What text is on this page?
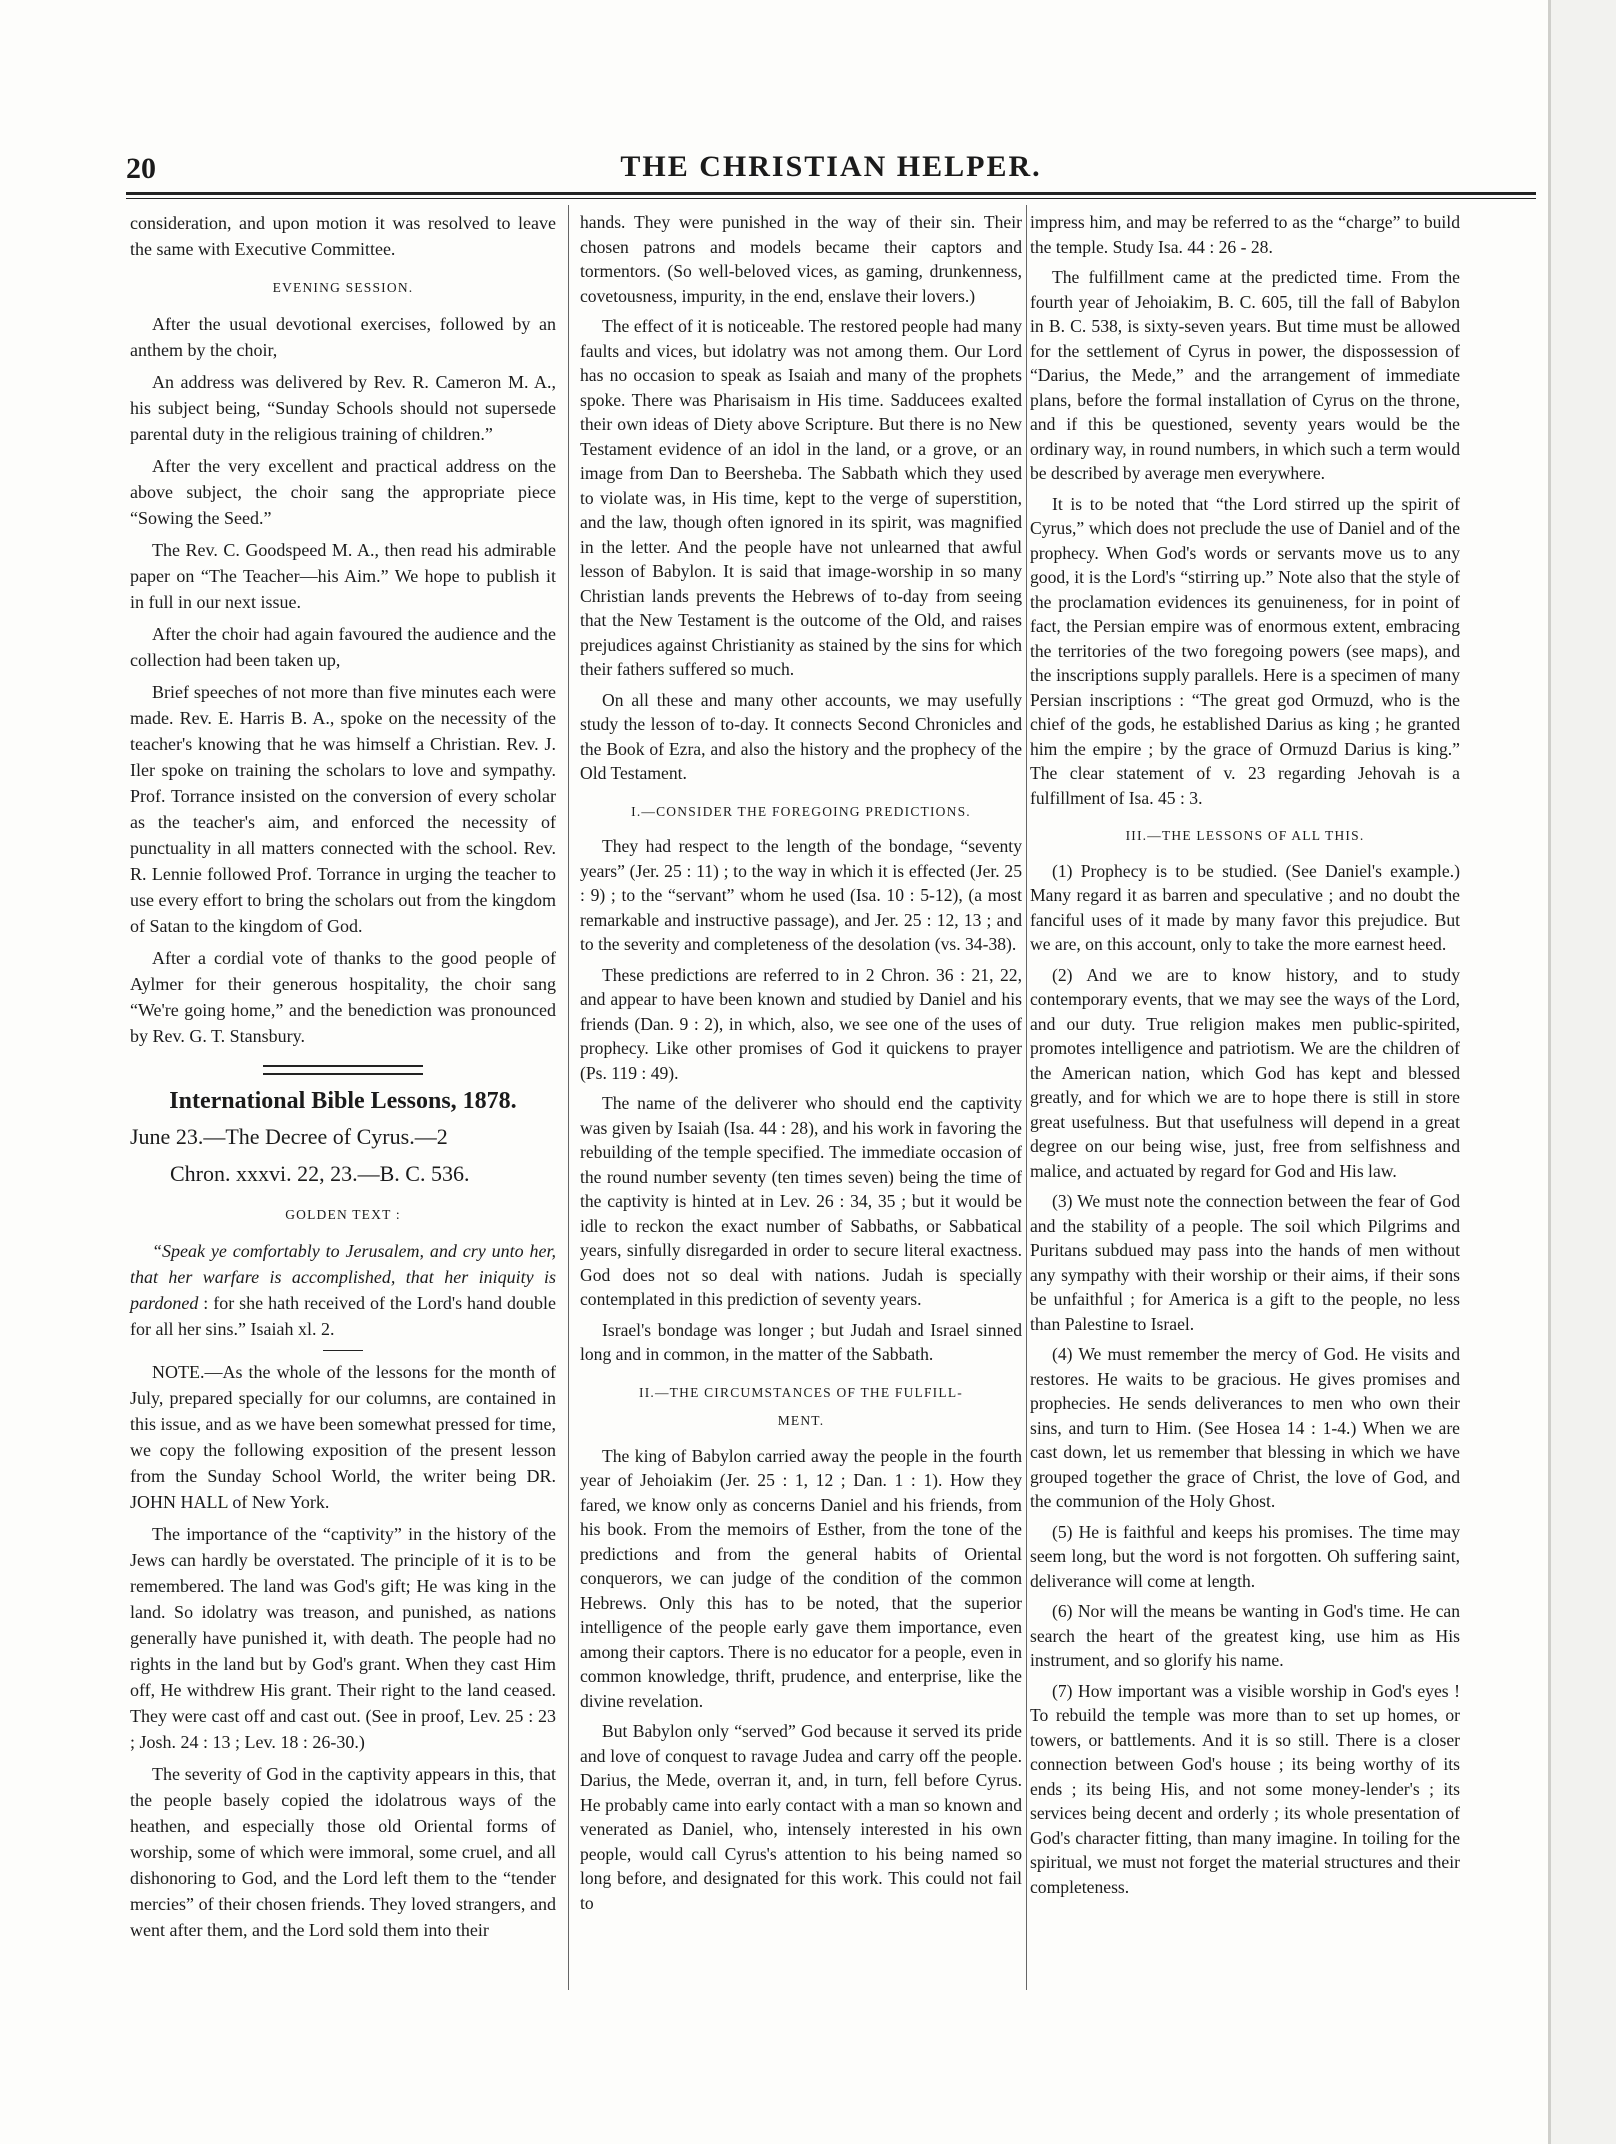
20	THE CHRISTIAN HELPER.

consideration, and upon motion it was resolved to leave the same with Executive Committee.

EVENING SESSION.

After the usual devotional exercises, followed by an anthem by the choir,

An address was delivered by Rev. R. Cameron M. A., his subject being, “Sunday Schools should not supersede parental duty in the religious training of children.”

After the very excellent and practical address on the above subject, the choir sang the appropriate piece “Sowing the Seed.”

The Rev. C. Goodspeed M. A., then read his admirable paper on “The Teacher—his Aim.” We hope to publish it in full in our next issue.

After the choir had again favoured the audience and the collection had been taken up,

Brief speeches of not more than five minutes each were made. Rev. E. Harris B. A., spoke on the necessity of the teacher's knowing that he was himself a Christian. Rev. J. Iler spoke on training the scholars to love and sympathy. Prof. Torrance insisted on the conversion of every scholar as the teacher's aim, and enforced the necessity of punctuality in all matters connected with the school. Rev. R. Lennie followed Prof. Torrance in urging the teacher to use every effort to bring the scholars out from the kingdom of Satan to the kingdom of God.

After a cordial vote of thanks to the good people of Aylmer for their generous hospitality, the choir sang “We're going home,” and the benediction was pronounced by Rev. G. T. Stansbury.

International Bible Lessons, 1878.
June 23.—The Decree of Cyrus.—2
Chron. xxxvi. 22, 23.—B. C. 536.
GOLDEN TEXT :

“Speak ye comfortably to Jerusalem, and cry unto her, that her warfare is accomplished, that her iniquity is pardoned : for she hath received of the Lord's hand double for all her sins.” Isaiah xl. 2.

NOTE.—As the whole of the lessons for the month of July, prepared specially for our columns, are contained in this issue, and as we have been somewhat pressed for time, we copy the following exposition of the present lesson from the Sunday School World, the writer being DR. JOHN HALL of New York.

The importance of the “captivity” in the history of the Jews can hardly be overstated. The principle of it is to be remembered. The land was God's gift; He was king in the land. So idolatry was treason, and punished, as nations generally have punished it, with death. The people had no rights in the land but by God's grant. When they cast Him off, He withdrew His grant. Their right to the land ceased. They were cast off and cast out. (See in proof, Lev. 25 : 23 ; Josh. 24 : 13 ; Lev. 18 : 26-30.)

The severity of God in the captivity appears in this, that the people basely copied the idolatrous ways of the heathen, and especially those old Oriental forms of worship, some of which were immoral, some cruel, and all dishonoring to God, and the Lord left them to the “tender mercies” of their chosen friends. They loved strangers, and went after them, and the Lord sold them into their

hands. They were punished in the way of their sin. Their chosen patrons and models became their captors and tormentors. (So well-beloved vices, as gaming, drunkenness, covetousness, impurity, in the end, enslave their lovers.)

The effect of it is noticeable. The restored people had many faults and vices, but idolatry was not among them. Our Lord has no occasion to speak as Isaiah and many of the prophets spoke. There was Pharisaism in His time. Sadducees exalted their own ideas of Diety above Scripture. But there is no New Testament evidence of an idol in the land, or a grove, or an image from Dan to Beersheba. The Sabbath which they used to violate was, in His time, kept to the verge of superstition, and the law, though often ignored in its spirit, was magnified in the letter. And the people have not unlearned that awful lesson of Babylon. It is said that image-worship in so many Christian lands prevents the Hebrews of to-day from seeing that the New Testament is the outcome of the Old, and raises prejudices against Christianity as stained by the sins for which their fathers suffered so much.

On all these and many other accounts, we may usefully study the lesson of to-day. It connects Second Chronicles and the Book of Ezra, and also the history and the prophecy of the Old Testament.

I.—CONSIDER THE FOREGOING PREDICTIONS.

They had respect to the length of the bondage, “seventy years” (Jer. 25 : 11) ; to the way in which it is effected (Jer. 25 : 9) ; to the “servant” whom he used (Isa. 10 : 5-12), (a most remarkable and instructive passage), and Jer. 25 : 12, 13 ; and to the severity and completeness of the desolation (vs. 34-38).

These predictions are referred to in 2 Chron. 36 : 21, 22, and appear to have been known and studied by Daniel and his friends (Dan. 9 : 2), in which, also, we see one of the uses of prophecy. Like other promises of God it quickens to prayer (Ps. 119 : 49).

The name of the deliverer who should end the captivity was given by Isaiah (Isa. 44 : 28), and his work in favoring the rebuilding of the temple specified. The immediate occasion of the round number seventy (ten times seven) being the time of the captivity is hinted at in Lev. 26 : 34, 35 ; but it would be idle to reckon the exact number of Sabbaths, or Sabbatical years, sinfully disregarded in order to secure literal exactness. God does not so deal with nations. Judah is specially contemplated in this prediction of seventy years.

Israel's bondage was longer ; but Judah and Israel sinned long and in common, in the matter of the Sabbath.

II.—THE CIRCUMSTANCES OF THE FULFILL-
MENT.

The king of Babylon carried away the people in the fourth year of Jehoiakim (Jer. 25 : 1, 12 ; Dan. 1 : 1). How they fared, we know only as concerns Daniel and his friends, from his book. From the memoirs of Esther, from the tone of the predictions and from the general habits of Oriental conquerors, we can judge of the condition of the common Hebrews. Only this has to be noted, that the superior intelligence of the people early gave them importance, even among their captors. There is no educator for a people, even in common knowledge, thrift, prudence, and enterprise, like the divine revelation.

But Babylon only “served” God because it served its pride and love of conquest to ravage Judea and carry off the people. Darius, the Mede, overran it, and, in turn, fell before Cyrus. He probably came into early contact with a man so known and venerated as Daniel, who, intensely interested in his own people, would call Cyrus's attention to his being named so long before, and designated for this work. This could not fail to

impress him, and may be referred to as the “charge” to build the temple. Study Isa. 44 : 26 - 28.

The fulfillment came at the predicted time. From the fourth year of Jehoiakim, B. C. 605, till the fall of Babylon in B. C. 538, is sixty-seven years. But time must be allowed for the settlement of Cyrus in power, the dispossession of “Darius, the Mede,” and the arrangement of immediate plans, before the formal installation of Cyrus on the throne, and if this be questioned, seventy years would be the ordinary way, in round numbers, in which such a term would be described by average men everywhere.

It is to be noted that “the Lord stirred up the spirit of Cyrus,” which does not preclude the use of Daniel and of the prophecy. When God's words or servants move us to any good, it is the Lord's “stirring up.” Note also that the style of the proclamation evidences its genuineness, for in point of fact, the Persian empire was of enormous extent, embracing the territories of the two foregoing powers (see maps), and the inscriptions supply parallels. Here is a specimen of many Persian inscriptions : “The great god Ormuzd, who is the chief of the gods, he established Darius as king ; he granted him the empire ; by the grace of Ormuzd Darius is king.” The clear statement of v. 23 regarding Jehovah is a fulfillment of Isa. 45 : 3.

III.—THE LESSONS OF ALL THIS.

(1) Prophecy is to be studied. (See Daniel's example.) Many regard it as barren and speculative ; and no doubt the fanciful uses of it made by many favor this prejudice. But we are, on this account, only to take the more earnest heed.

(2) And we are to know history, and to study contemporary events, that we may see the ways of the Lord, and our duty. True religion makes men public-spirited, promotes intelligence and patriotism. We are the children of the American nation, which God has kept and blessed greatly, and for which we are to hope there is still in store great usefulness. But that usefulness will depend in a great degree on our being wise, just, free from selfishness and malice, and actuated by regard for God and His law.

(3) We must note the connection between the fear of God and the stability of a people. The soil which Pilgrims and Puritans subdued may pass into the hands of men without any sympathy with their worship or their aims, if their sons be unfaithful ; for America is a gift to the people, no less than Palestine to Israel.

(4) We must remember the mercy of God. He visits and restores. He waits to be gracious. He gives promises and prophecies. He sends deliverances to men who own their sins, and turn to Him. (See Hosea 14 : 1-4.) When we are cast down, let us remember that blessing in which we have grouped together the grace of Christ, the love of God, and the communion of the Holy Ghost.

(5) He is faithful and keeps his promises. The time may seem long, but the word is not forgotten. Oh suffering saint, deliverance will come at length.

(6) Nor will the means be wanting in God's time. He can search the heart of the greatest king, use him as His instrument, and so glorify his name.

(7) How important was a visible worship in God's eyes ! To rebuild the temple was more than to set up homes, or towers, or battlements. And it is so still. There is a closer connection between God's house ; its being worthy of its ends ; its being His, and not some money-lender's ; its services being decent and orderly ; its whole presentation of God's character fitting, than many imagine. In toiling for the spiritual, we must not forget the material structures and their completeness.
